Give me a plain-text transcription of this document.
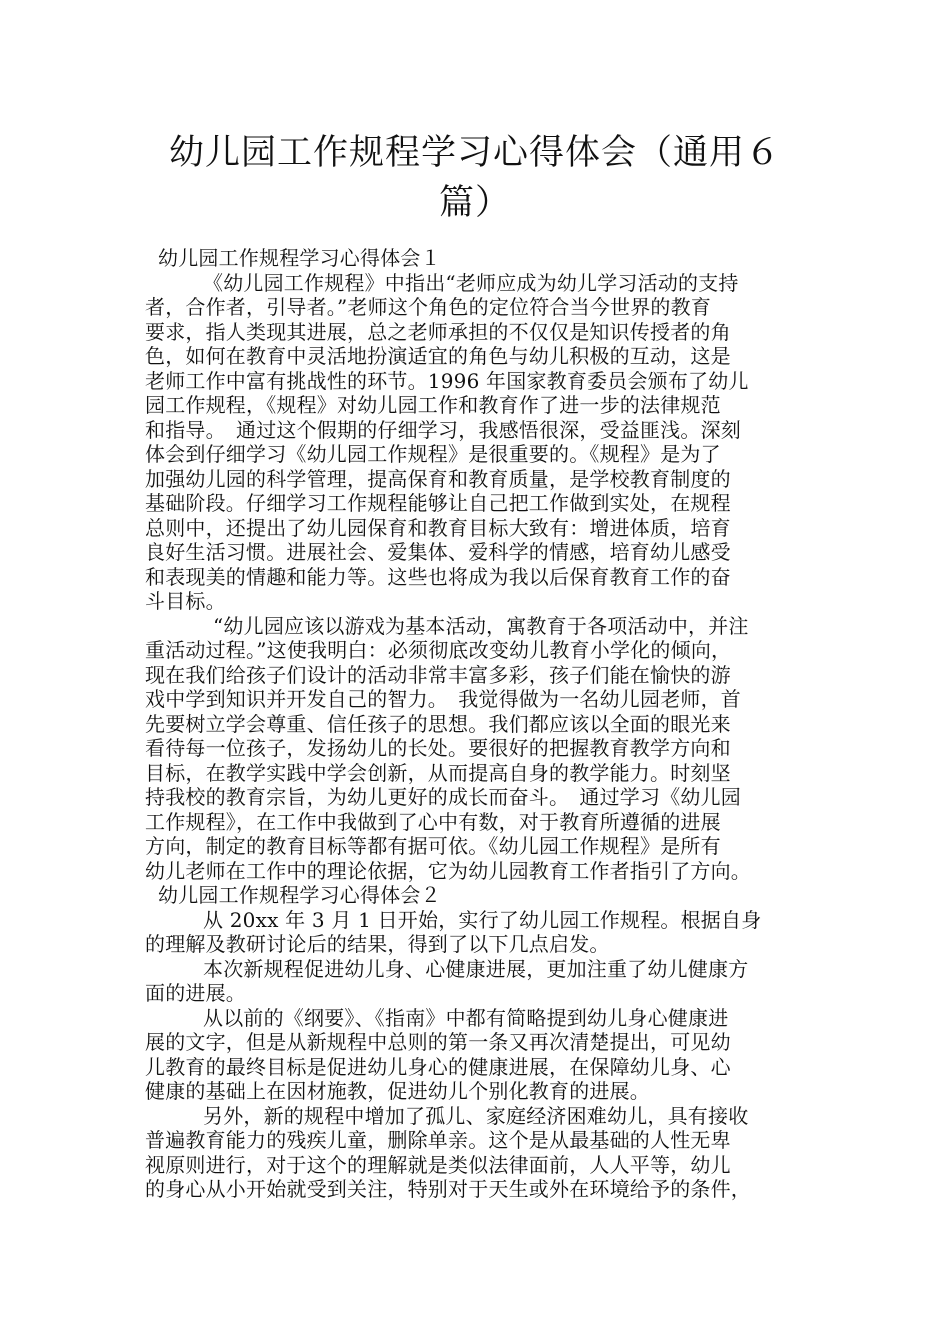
幼儿园工作规程学习心得体会（通用６
篇）
幼儿园工作规程学习心得体会１
《幼儿园工作规程》中指出“老师应成为幼儿学习活动的支持
者，合作者，引导者。”老师这个角色的定位符合当今世界的教育
要求，指人类现其进展，总之老师承担的不仅仅是知识传授者的角
色，如何在教育中灵活地扮演适宜的角色与幼儿积极的互动，这是
老师工作中富有挑战性的环节。1996 年国家教育委员会颁布了幼儿
园工作规程，《规程》对幼儿园工作和教育作了进一步的法律规范
和指导。　通过这个假期的仔细学习，我感悟很深，受益匪浅。深刻
体会到仔细学习《幼儿园工作规程》是很重要的。《规程》是为了
加强幼儿园的科学管理，提高保育和教育质量，是学校教育制度的
基础阶段。仔细学习工作规程能够让自己把工作做到实处，在规程
总则中，还提出了幼儿园保育和教育目标大致有：增进体质，培育
良好生活习惯。进展社会、爱集体、爱科学的情感，培育幼儿感受
和表现美的情趣和能力等。这些也将成为我以后保育教育工作的奋
斗目标。
“幼儿园应该以游戏为基本活动，寓教育于各项活动中，并注
重活动过程。”这使我明白：必须彻底改变幼儿教育小学化的倾向，
现在我们给孩子们设计的活动非常丰富多彩，孩子们能在愉快的游
戏中学到知识并开发自己的智力。　我觉得做为一名幼儿园老师，首
先要树立学会尊重、信任孩子的思想。我们都应该以全面的眼光来
看待每一位孩子，发扬幼儿的长处。要很好的把握教育教学方向和
目标，在教学实践中学会创新，从而提高自身的教学能力。时刻坚
持我校的教育宗旨，为幼儿更好的成长而奋斗。　通过学习《幼儿园
工作规程》，在工作中我做到了心中有数，对于教育所遵循的进展
方向，制定的教育目标等都有据可依。《幼儿园工作规程》是所有
幼儿老师在工作中的理论依据，它为幼儿园教育工作者指引了方向。
幼儿园工作规程学习心得体会２
从 20xx 年 3 月 1 日开始，实行了幼儿园工作规程。根据自身
的理解及教研讨论后的结果，得到了以下几点启发。
本次新规程促进幼儿身、心健康进展，更加注重了幼儿健康方
面的进展。
从以前的《纲要》、《指南》中都有简略提到幼儿身心健康进
展的文字，但是从新规程中总则的第一条又再次清楚提出，可见幼
儿教育的最终目标是促进幼儿身心的健康进展，在保障幼儿身、心
健康的基础上在因材施教，促进幼儿个别化教育的进展。
另外，新的规程中增加了孤儿、家庭经济困难幼儿，具有接收
普遍教育能力的残疾儿童，删除单亲。这个是从最基础的人性无卑
视原则进行，对于这个的理解就是类似法律面前，人人平等，幼儿
的身心从小开始就受到关注，特别对于天生或外在环境给予的条件，
